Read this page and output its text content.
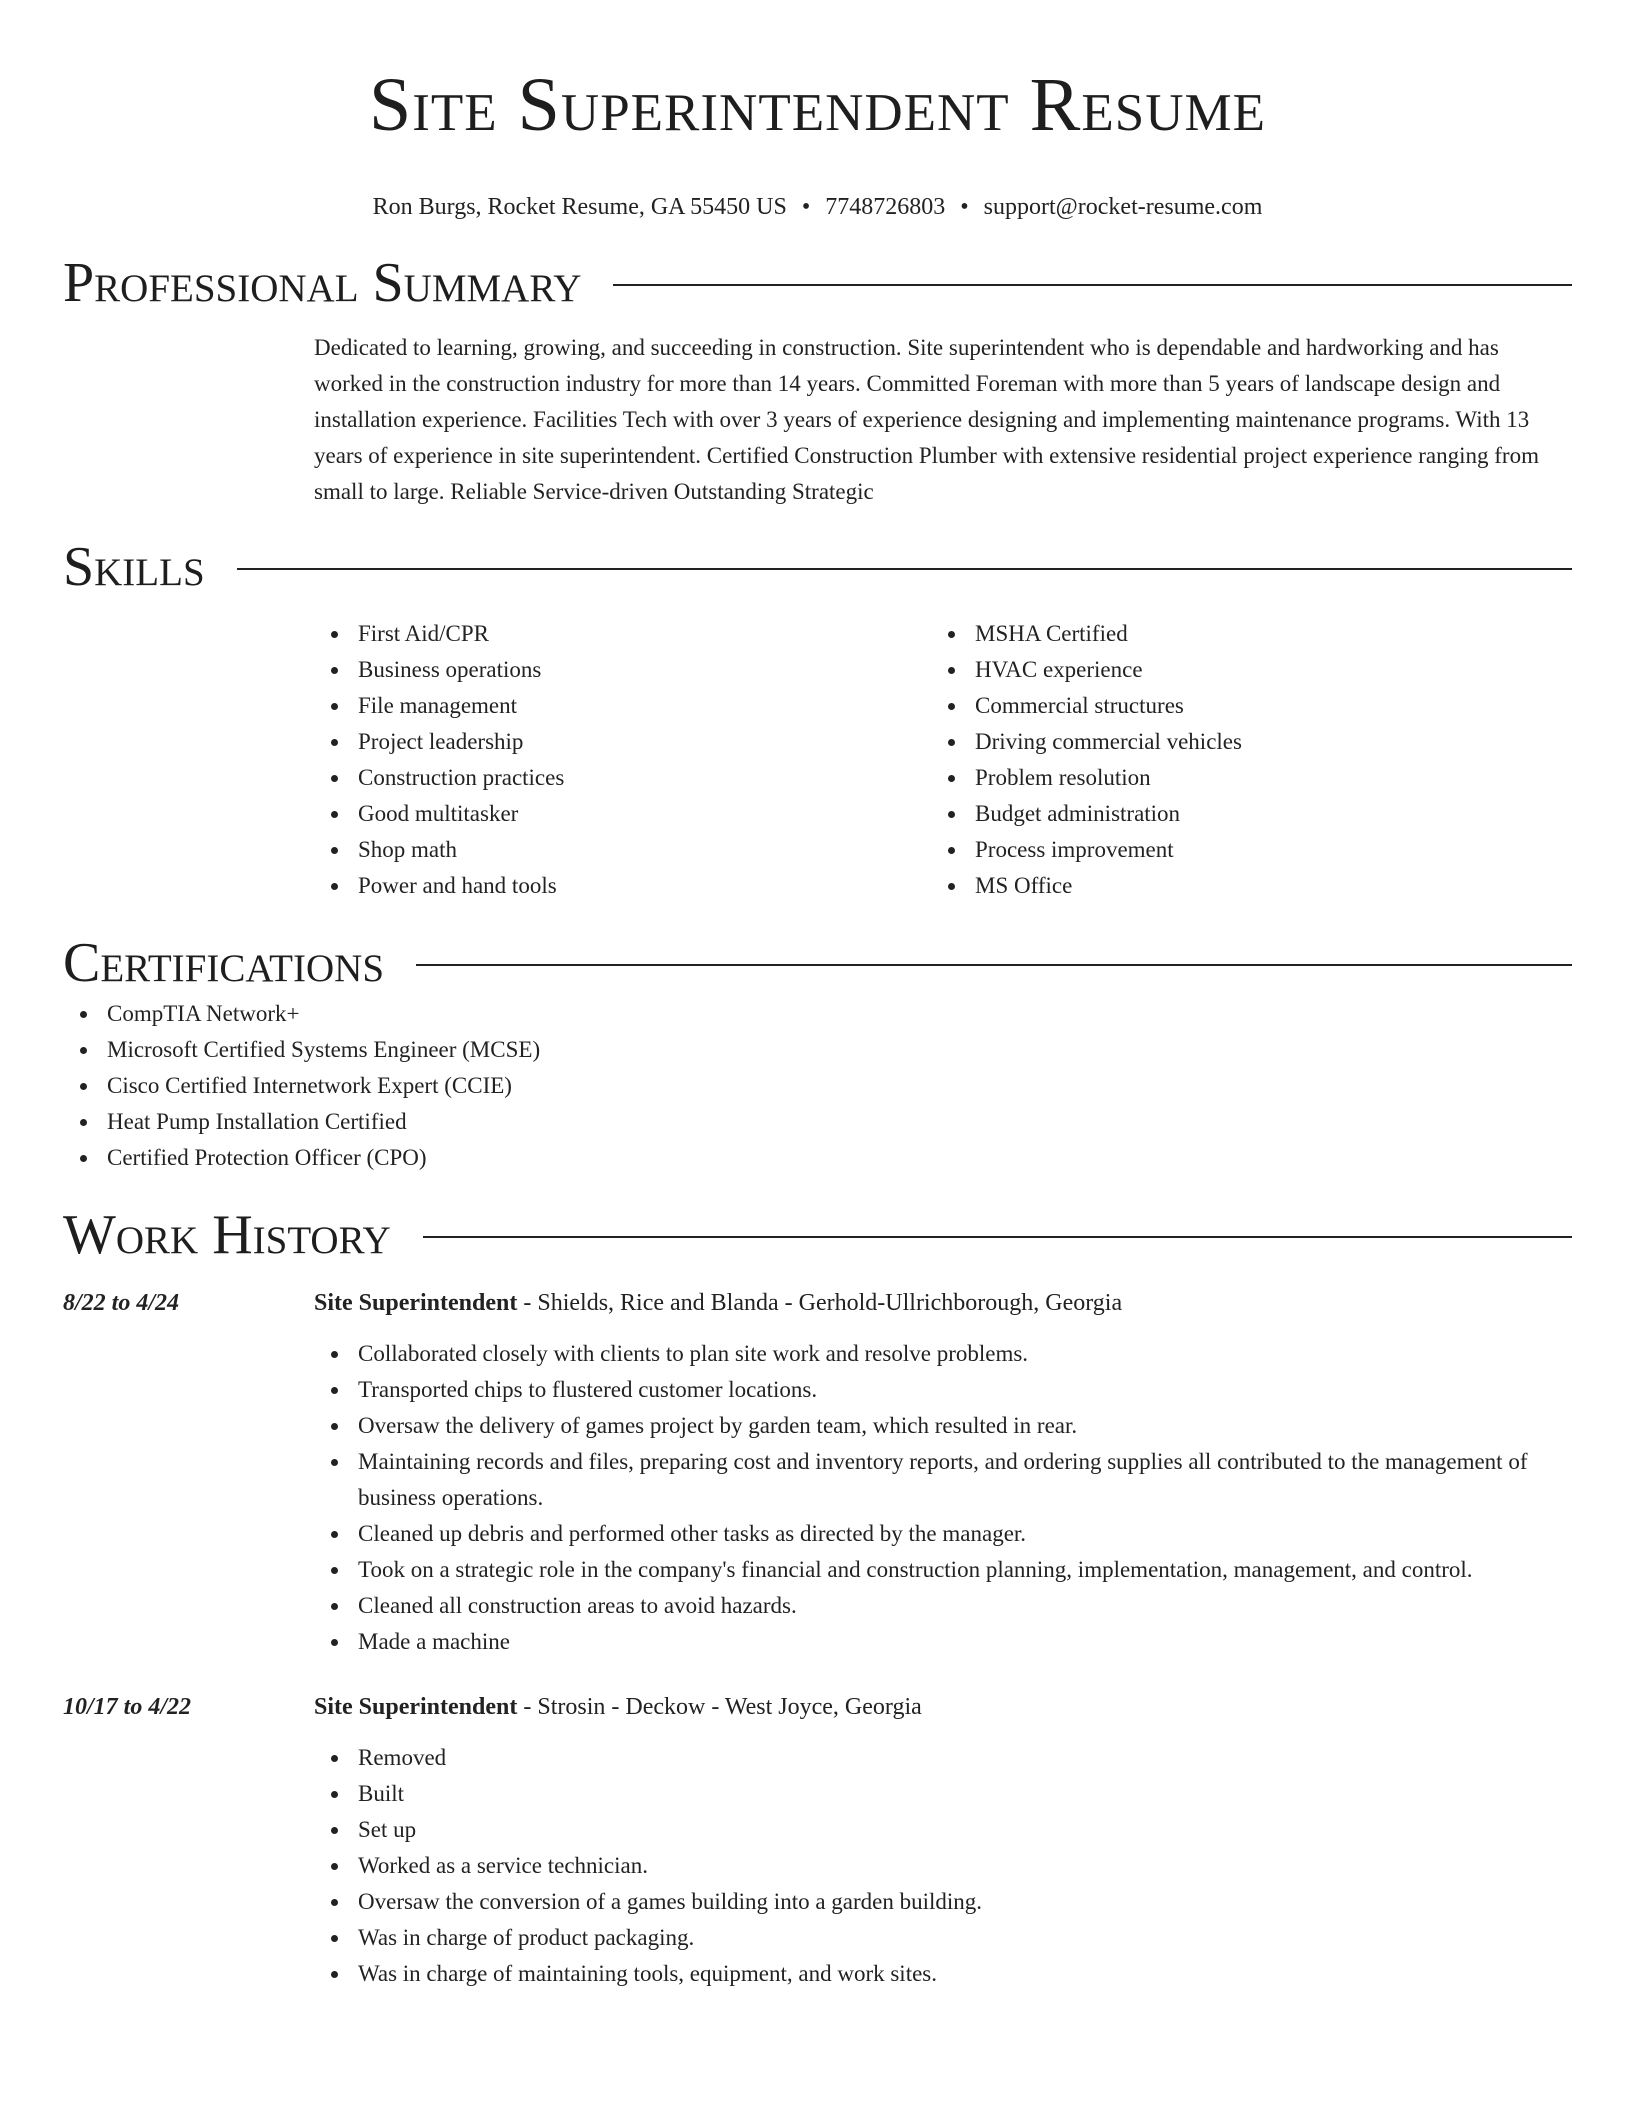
Site Superintendent Resume
Ron Burgs, Rocket Resume, GA 55450 US • 7748726803 • support@rocket-resume.com
Professional Summary
Dedicated to learning, growing, and succeeding in construction. Site superintendent who is dependable and hardworking and has worked in the construction industry for more than 14 years. Committed Foreman with more than 5 years of landscape design and installation experience. Facilities Tech with over 3 years of experience designing and implementing maintenance programs. With 13 years of experience in site superintendent. Certified Construction Plumber with extensive residential project experience ranging from small to large. Reliable Service-driven Outstanding Strategic
Skills
First Aid/CPR
Business operations
File management
Project leadership
Construction practices
Good multitasker
Shop math
Power and hand tools
MSHA Certified
HVAC experience
Commercial structures
Driving commercial vehicles
Problem resolution
Budget administration
Process improvement
MS Office
Certifications
CompTIA Network+
Microsoft Certified Systems Engineer (MCSE)
Cisco Certified Internetwork Expert (CCIE)
Heat Pump Installation Certified
Certified Protection Officer (CPO)
Work History
8/22 to 4/24	Site Superintendent - Shields, Rice and Blanda - Gerhold-Ullrichborough, Georgia
Collaborated closely with clients to plan site work and resolve problems.
Transported chips to flustered customer locations.
Oversaw the delivery of games project by garden team, which resulted in rear.
Maintaining records and files, preparing cost and inventory reports, and ordering supplies all contributed to the management of business operations.
Cleaned up debris and performed other tasks as directed by the manager.
Took on a strategic role in the company's financial and construction planning, implementation, management, and control.
Cleaned all construction areas to avoid hazards.
Made a machine
10/17 to 4/22	Site Superintendent - Strosin - Deckow - West Joyce, Georgia
Removed
Built
Set up
Worked as a service technician.
Oversaw the conversion of a games building into a garden building.
Was in charge of product packaging.
Was in charge of maintaining tools, equipment, and work sites.
